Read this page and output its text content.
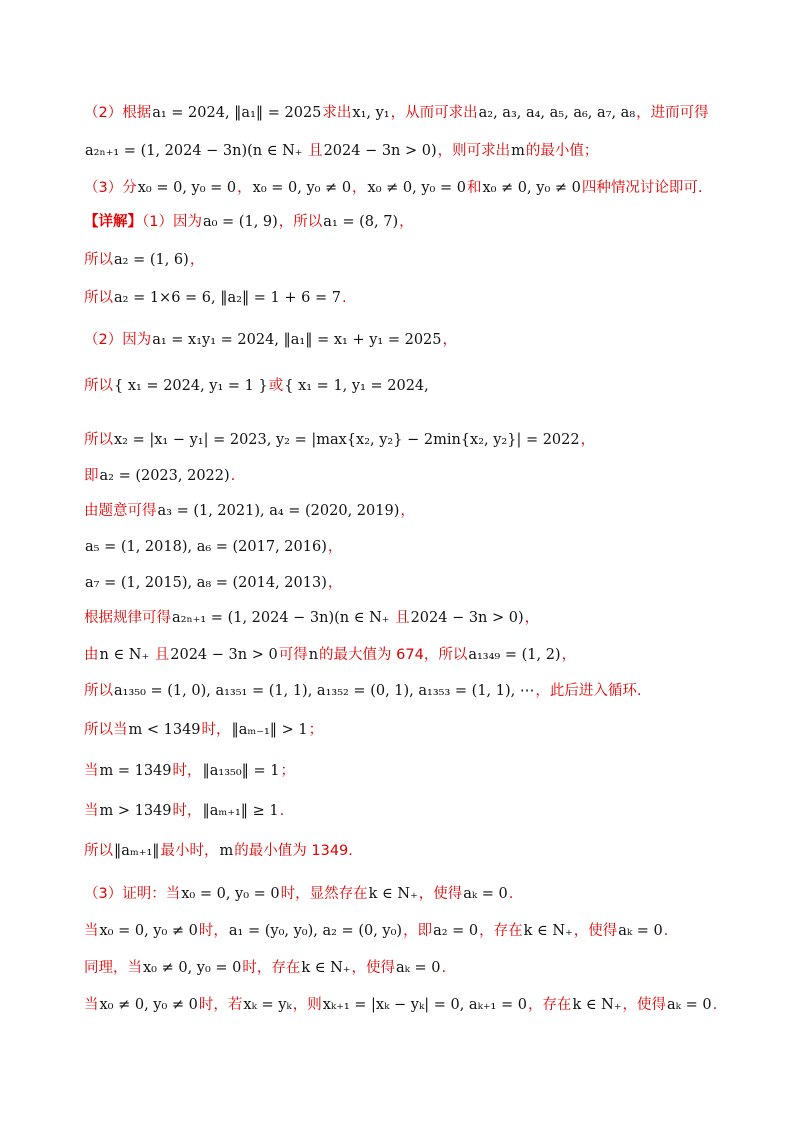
（2）根据a₁ = 2024, ‖a₁‖ = 2025求出x₁, y₁，从而可求出a₂, a₃, a₄, a₅, a₆, a₇, a₈，进而可得
a₂ₙ₊₁ = (1, 2024 − 3n)(n ∈ N₊ 且2024 − 3n > 0)，则可求出m的最小值；
（3）分x₀ = 0, y₀ = 0，x₀ = 0, y₀ ≠ 0，x₀ ≠ 0, y₀ = 0和x₀ ≠ 0, y₀ ≠ 0四种情况讨论即可.
【详解】（1）因为a₀ = (1, 9)，所以a₁ = (8, 7)，
所以a₂ = (1, 6)，
所以a₂ = 1×6 = 6, ‖a₂‖ = 1 + 6 = 7.
（2）因为a₁ = x₁y₁ = 2024, ‖a₁‖ = x₁ + y₁ = 2025，
所以{ x₁ = 2024, y₁ = 1 }或{ x₁ = 1, y₁ = 2024,
所以x₂ = |x₁ − y₁| = 2023, y₂ = |max{x₂, y₂} − 2min{x₂, y₂}| = 2022，
即a₂ = (2023, 2022).
由题意可得a₃ = (1, 2021), a₄ = (2020, 2019)，
a₅ = (1, 2018), a₆ = (2017, 2016)，
a₇ = (1, 2015), a₈ = (2014, 2013)，
根据规律可得a₂ₙ₊₁ = (1, 2024 − 3n)(n ∈ N₊ 且2024 − 3n > 0)，
由n ∈ N₊ 且2024 − 3n > 0可得n的最大值为 674，所以a₁₃₄₉ = (1, 2)，
所以a₁₃₅₀ = (1, 0), a₁₃₅₁ = (1, 1), a₁₃₅₂ = (0, 1), a₁₃₅₃ = (1, 1), ⋯，此后进入循环.
所以当m < 1349时，‖aₘ₋₁‖ > 1；
当m = 1349时，‖a₁₃₅₀‖ = 1；
当m > 1349时，‖aₘ₊₁‖ ≥ 1.
所以‖aₘ₊₁‖最小时，m的最小值为 1349.
（3）证明：当x₀ = 0, y₀ = 0时，显然存在k ∈ N₊，使得aₖ = 0.
当x₀ = 0, y₀ ≠ 0时，a₁ = (y₀, y₀), a₂ = (0, y₀)，即a₂ = 0，存在k ∈ N₊，使得aₖ = 0.
同理，当x₀ ≠ 0, y₀ = 0时，存在k ∈ N₊，使得aₖ = 0.
当x₀ ≠ 0, y₀ ≠ 0时，若xₖ = yₖ，则xₖ₊₁ = |xₖ − yₖ| = 0, aₖ₊₁ = 0，存在k ∈ N₊，使得aₖ = 0.
